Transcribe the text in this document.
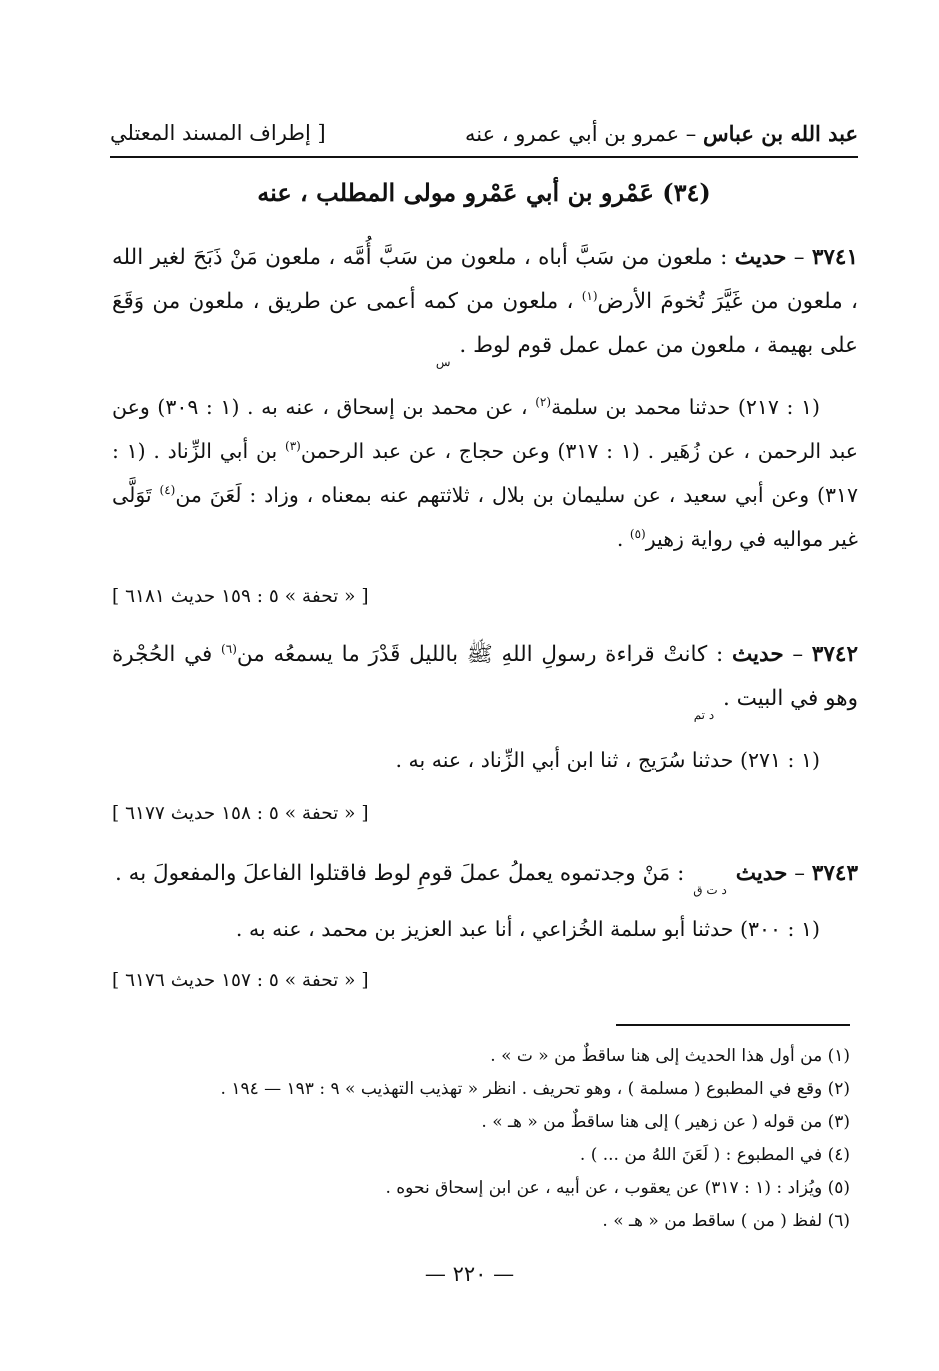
عبد الله بن عباس – عمرو بن أبي عمرو ، عنه
[ إطراف المسند المعتلي
(٣٤) عَمْرو بن أبي عَمْرو مولى المطلب ، عنه
٣٧٤١ – حديث : ملعون من سَبَّ أباه ، ملعون من سَبَّ أُمَّه ، ملعون مَنْ ذَبَحَ لغير الله ، ملعون من غَيَّرَ تُخومَ الأرض$^{(١)}$ ، ملعون من كمه أعمى عن طريق ، ملعون من وَقَعَ على بهيمة ، ملعون من عمل عمل قوم لوط . $_س$
(١ : ٢١٧) حدثنا محمد بن سلمة$^{(٢)}$ ، عن محمد بن إسحاق ، عنه به . (١ : ٣٠٩) وعن عبد الرحمن ، عن زُهَير . (١ : ٣١٧) وعن حجاج ، عن عبد الرحمن$^{(٣)}$ بن أبي الزِّناد . (١ : ٣١٧) وعن أبي سعيد ، عن سليمان بن بلال ، ثلاثتهم عنه بمعناه ، وزاد : لَعَنَ من$^{(٤)}$ تَوَلَّى غير مواليه في رواية زهير$^{(٥)}$ .
[ « تحفة » ٥ : ١٥٩ حديث ٦١٨١ ]
٣٧٤٢ – حديث : كانتْ قراءة رسولِ اللهِ ﷺ بالليل قَدْرَ ما يسمعُه من$^{(٦)}$ في الحُجْرة وهو في البيت . $_{د تم}$
(١ : ٢٧١) حدثنا سُرَيج ، ثنا ابن أبي الزِّناد ، عنه به .
[ « تحفة » ٥ : ١٥٨ حديث ٦١٧٧ ]
٣٧٤٣ – حديث $_{د ت ق}$ : مَنْ وجدتموه يعملُ عملَ قومِ لوط فاقتلوا الفاعلَ والمفعولَ به .
(١ : ٣٠٠) حدثنا أبو سلمة الخُزاعي ، أنا عبد العزيز بن محمد ، عنه به .
[ « تحفة » ٥ : ١٥٧ حديث ٦١٧٦ ]
(١) من أول هذا الحديث إلى هنا ساقطٌ من « ت » .
(٢) وقع في المطبوع ( مسلمة ) ، وهو تحريف . انظر « تهذيب التهذيب » ٩ : ١٩٣ — ١٩٤ .
(٣) من قوله ( عن زهير ) إلى هنا ساقطٌ من « هـ » .
(٤) في المطبوع : ( لَعَنَ اللهُ من ... ) .
(٥) ويُزاد : (١ : ٣١٧) عن يعقوب ، عن أبيه ، عن ابن إسحاق نحوه .
(٦) لفظ ( من ) ساقط من « هـ » .
— ٢٢٠ —
